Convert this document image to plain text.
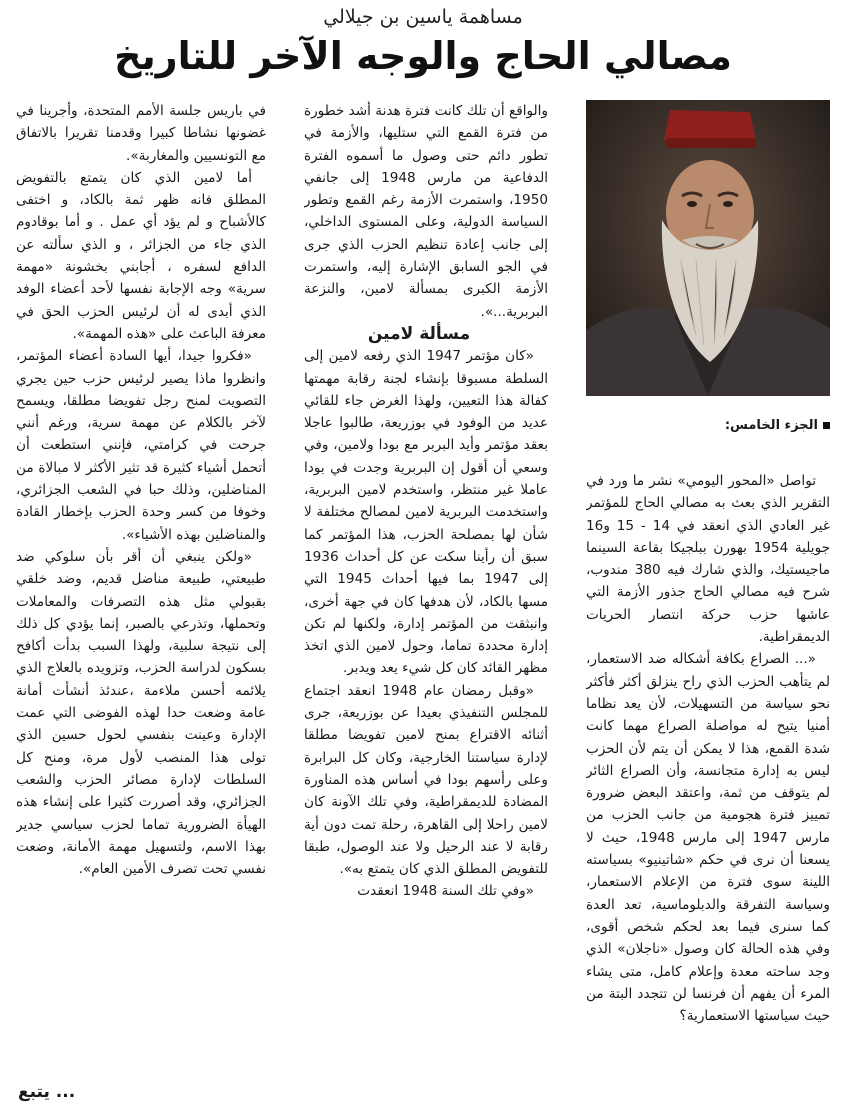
مساهمة ياسين بن جيلالي
مصالي الحاج والوجه الآخر للتاريخ
الجزء الخامس:

تواصل «المحور اليومي» نشر ما ورد في التقرير الذي بعث به مصالي الحاج للمؤتمر غير العادي الذي انعقد في 14 - 15 و16 جويلية 1954 بهورن ببلجيكا بقاعة السينما ماجيستيك، والذي شارك فيه 380 مندوب، شرح فيه مصالي الحاج جذور الأزمة التي عاشها حزب حركة انتصار الحريات الديمقراطية.

«... الصراع بكافة أشكاله ضد الاستعمار، لم يتأهب الحزب الذي راح ينزلق أكثر فأكثر نحو سياسة من التسهيلات، لأن يعد نظاما أمنيا يتيح له مواصلة الصراع مهما كانت شدة القمع، هذا لا يمكن أن يتم لأن الحزب ليس به إدارة متجانسة، وأن الصراع الثائر لم يتوقف من ثمة، واعتقد البعض ضرورة تمييز فترة هجومية من جانب الحزب من مارس 1947 إلى مارس 1948، حيث لا يسعنا أن نرى في حكم «شاتينيو» بسياسته اللينة سوى فترة من الإعلام الاستعمار، وسياسة التفرقة والدبلوماسية، تعد العدة كما سنرى فيما بعد لحكم شخص أقوى، وفي هذه الحالة كان وصول «ناجلان» الذي وجد ساحته معدة وإعلام كامل، متى يشاء المرء أن يفهم أن فرنسا لن تتجدد البتة من حيث سياستها الاستعمارية؟

والواقع أن تلك كانت فترة هدنة أشد خطورة من فترة القمع التي ستليها، والأزمة في تطور دائم حتى وصول ما أسموه الفترة الدفاعية من مارس 1948 إلى جانفي 1950، واستمرت الأزمة رغم القمع وتطور السياسة الدولية، وعلى المستوى الداخلي، إلى جانب إعادة تنظيم الحزب الذي جرى في الجو السابق الإشارة إليه، واستمرت الأزمة الكبرى بمسألة لامين، والنزعة البربرية...».

مسألة لامين

«كان مؤتمر 1947 الذي رفعه لامين إلى السلطة مسبوقا بإنشاء لجنة رقابة مهمتها كفالة هذا التعيين، ولهذا الغرض جاء للقائي عديد من الوفود في بوزريعة، طالبوا عاجلا بعقد مؤتمر وأيد البربر مع بودا ولامين، وفي وسعي أن أقول إن البربرية وجدت في بودا عاملا غير منتظر، واستخدم لامين البربرية، واستخدمت البربرية لامين لمصالح مختلفة لا شأن لها بمصلحة الحزب، هذا المؤتمر كما سبق أن رأينا سكت عن كل أحداث 1936 إلى 1947 بما فيها أحداث 1945 التي مسها بالكاد، لأن هدفها كان في جهة أخرى، وانبثقت من المؤتمر إدارة، ولكنها لم تكن إدارة محددة تماما، وحول لامين الذي اتخذ مظهر القائد كان كل شيء يعد ويدبر.

«وقبل رمضان عام 1948 انعقد اجتماع للمجلس التنفيذي بعيدا عن بوزريعة، جرى أثنائه الاقتراع بمنح لامين تفويضا مطلقا لإدارة سياستنا الخارجية، وكان كل البرابرة وعلى رأسهم بودا في أساس هذه المناورة المضادة للديمقراطية، وفي تلك الآونة كان لامين راحلا إلى القاهرة، رحلة تمت دون أية رقابة لا عند الرحيل ولا عند الوصول، طبقا للتفويض المطلق الذي كان يتمتع به».

«وفي تلك السنة 1948 انعقدت

في باريس جلسة الأمم المتحدة، وأجرينا في غضونها نشاطا كبيرا وقدمنا تقريرا بالاتفاق مع التونسيين والمغاربة».

أما لامين الذي كان يتمتع بالتفويض المطلق فانه ظهر ثمة بالكاد، و اختفى كالأشباح و لم يؤد أي عمل . و أما بوقادوم الذي جاء من الجزائر ، و الذي سألته عن الدافع لسفره ، أجابني بخشونة «مهمة سرية» وجه الإجابة نفسها لأحد أعضاء الوفد الذي أبدى له أن لرئيس الحزب الحق في معرفة الباعث على «هذه المهمة».

«فكروا جيدا، أيها السادة أعضاء المؤتمر، وانظروا ماذا يصير لرئيس حزب حين يجري التصويت لمنح رجل تفويضا مطلقا، ويسمح لآخر بالكلام عن مهمة سرية، ورغم أنني جرحت في كرامتي، فإنني استطعت أن أتحمل أشياء كثيرة قد تثير الأكثر لا مبالاة من المناضلين، وذلك حبا في الشعب الجزائري، وخوفا من كسر وحدة الحزب بإخطار القادة والمناضلين بهذه الأشياء».

«ولكن ينبغي أن أقر بأن سلوكي ضد طبيعتي، طبيعة مناضل قديم، وضد خلقي بقبولي مثل هذه التصرفات والمعاملات وتحملها، وتذرعي بالصبر، إنما يؤدي كل ذلك إلى نتيجة سلبية، ولهذا السبب بدأت أكافح بسكون لدراسة الحزب، وتزويده بالعلاج الذي يلائمه أحسن ملاءمة ،عندئذ أنشأت أمانة عامة وضعت حدا لهذه الفوضى التي عمت الإدارة وعينت بنفسي لحول حسين الذي تولى هذا المنصب لأول مرة، ومنح كل السلطات لإدارة مصائر الحزب والشعب الجزائري، وقد أصررت كثيرا على إنشاء هذه الهيأة الضرورية تماما لحزب سياسي جدير بهذا الاسم، ولتسهيل مهمة الأمانة، وضعت نفسي تحت تصرف الأمين العام».

... يتبع
